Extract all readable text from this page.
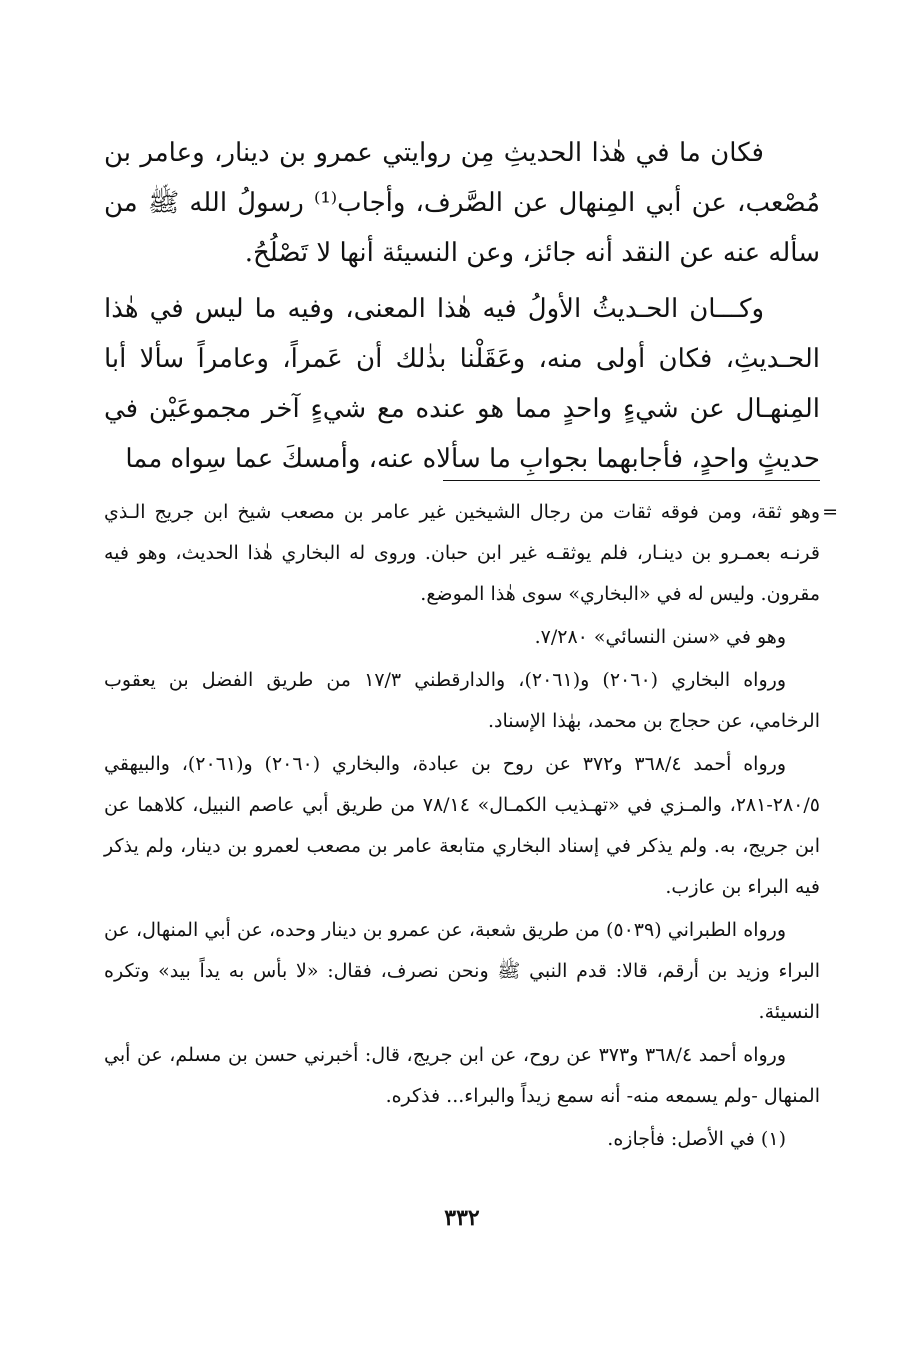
فكان ما في هٰذا الحديثِ مِن روايتي عمرو بن دينار، وعامر بن مُصْعب، عن أبي المِنهال عن الصَّرف، وأجاب⁽¹⁾ رسولُ الله ﷺ من سأله عنه عن النقد أنه جائز، وعن النسيئة أنها لا تَصْلُحُ.

وكـــان الحـديثُ الأولُ فيه هٰذا المعنى، وفيه ما ليس في هٰذا الحـديثِ، فكان أولى منه، وعَقَلْنا بذٰلك أن عَمراً، وعامراً سألا أبا المِنهـال عن شيءٍ واحدٍ مما هو عنده مع شيءٍ آخر مجموعَيْن في حديثٍ واحدٍ، فأجابهما بجوابِ ما سألاه عنه، وأمسكَ عما سِواه مما

=
وهو ثقة، ومن فوقه ثقات من رجال الشيخين غير عامر بن مصعب شيخ ابن جريج الـذي قرنـه بعمـرو بن دينـار، فلم يوثقـه غير ابن حبان. وروى له البخاري هٰذا الحديث، وهو فيه مقرون. وليس له في «البخاري» سوى هٰذا الموضع.

وهو في «سنن النسائي» ٧/٢٨٠.

ورواه البخاري (٢٠٦٠) و(٢٠٦١)، والدارقطني ١٧/٣ من طريق الفضل بن يعقوب الرخامي، عن حجاج بن محمد، بهٰذا الإسناد.

ورواه أحمد ٣٦٨/٤ و٣٧٢ عن روح بن عبادة، والبخاري (٢٠٦٠) و(٢٠٦١)، والبيهقي ٢٨٠/٥-٢٨١، والمـزي في «تهـذيب الكمـال» ٧٨/١٤ من طريق أبي عاصم النبيل، كلاهما عن ابن جريج، به. ولم يذكر في إسناد البخاري متابعة عامر بن مصعب لعمرو بن دينار، ولم يذكر فيه البراء بن عازب.

ورواه الطبراني (٥٠٣٩) من طريق شعبة، عن عمرو بن دينار وحده، عن أبي المنهال، عن البراء وزيد بن أرقم، قالا: قدم النبي ﷺ ونحن نصرف، فقال: «لا بأس به يداً بيد» وتكره النسيئة.

ورواه أحمد ٣٦٨/٤ و٣٧٣ عن روح، عن ابن جريج، قال: أخبرني حسن بن مسلم، عن أبي المنهال -ولم يسمعه منه- أنه سمع زيداً والبراء... فذكره.

(١) في الأصل: فأجازه.

٣٣٢
